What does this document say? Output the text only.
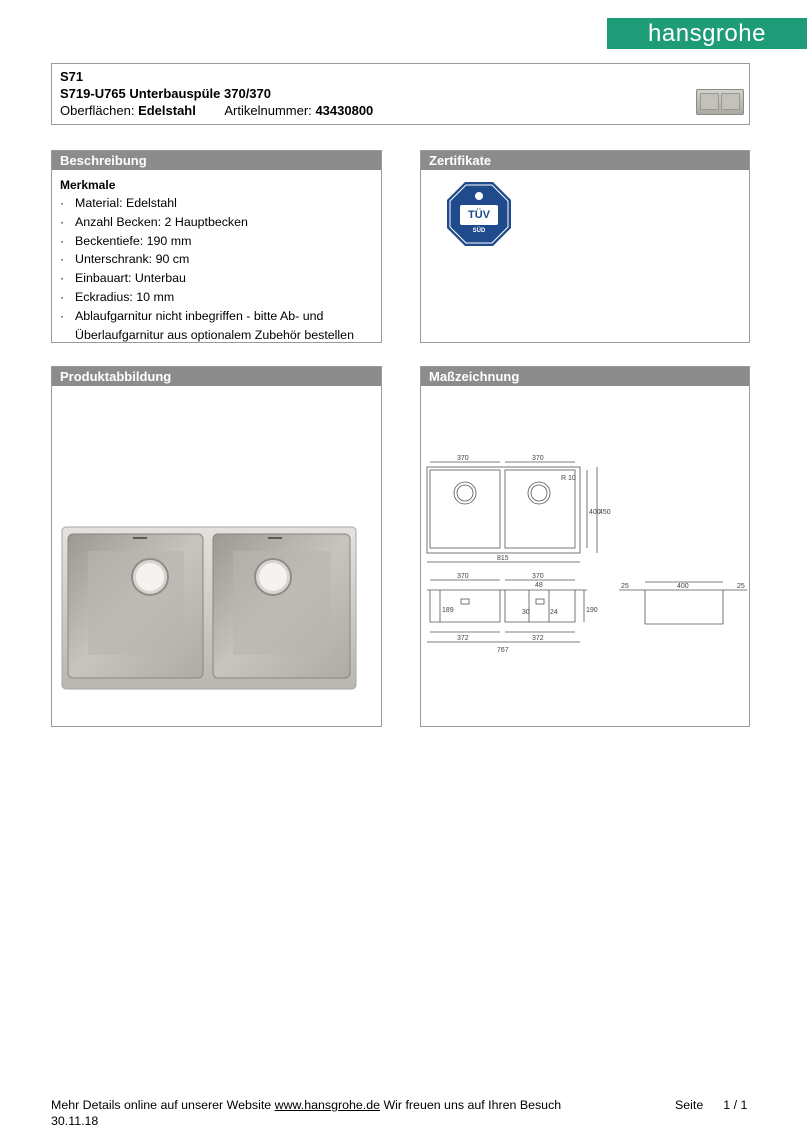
hansgrohe
S71
S719-U765 Unterbauspüle 370/370
Oberflächen: Edelstahl Artikelnummer: 43430800
Beschreibung
Merkmale
· Material: Edelstahl
· Anzahl Becken: 2 Hauptbecken
· Beckentiefe: 190 mm
· Unterschrank: 90 cm
· Einbauart: Unterbau
· Eckradius: 10 mm
· Ablaufgarnitur nicht inbegriffen - bitte Ab- und Überlaufgarnitur aus optionalem Zubehör bestellen
Zertifikate
TÜV
SÜD
Produktabbildung	Maßzeichnung
370	370
R 10
400
450
815
370	370
48
189	30	24	190
372	372
767
25	400	25
Mehr Details online auf unserer Website www.hansgrohe.de Wir freuen uns auf Ihren Besuch	Seite 1 / 1
30.11.18
